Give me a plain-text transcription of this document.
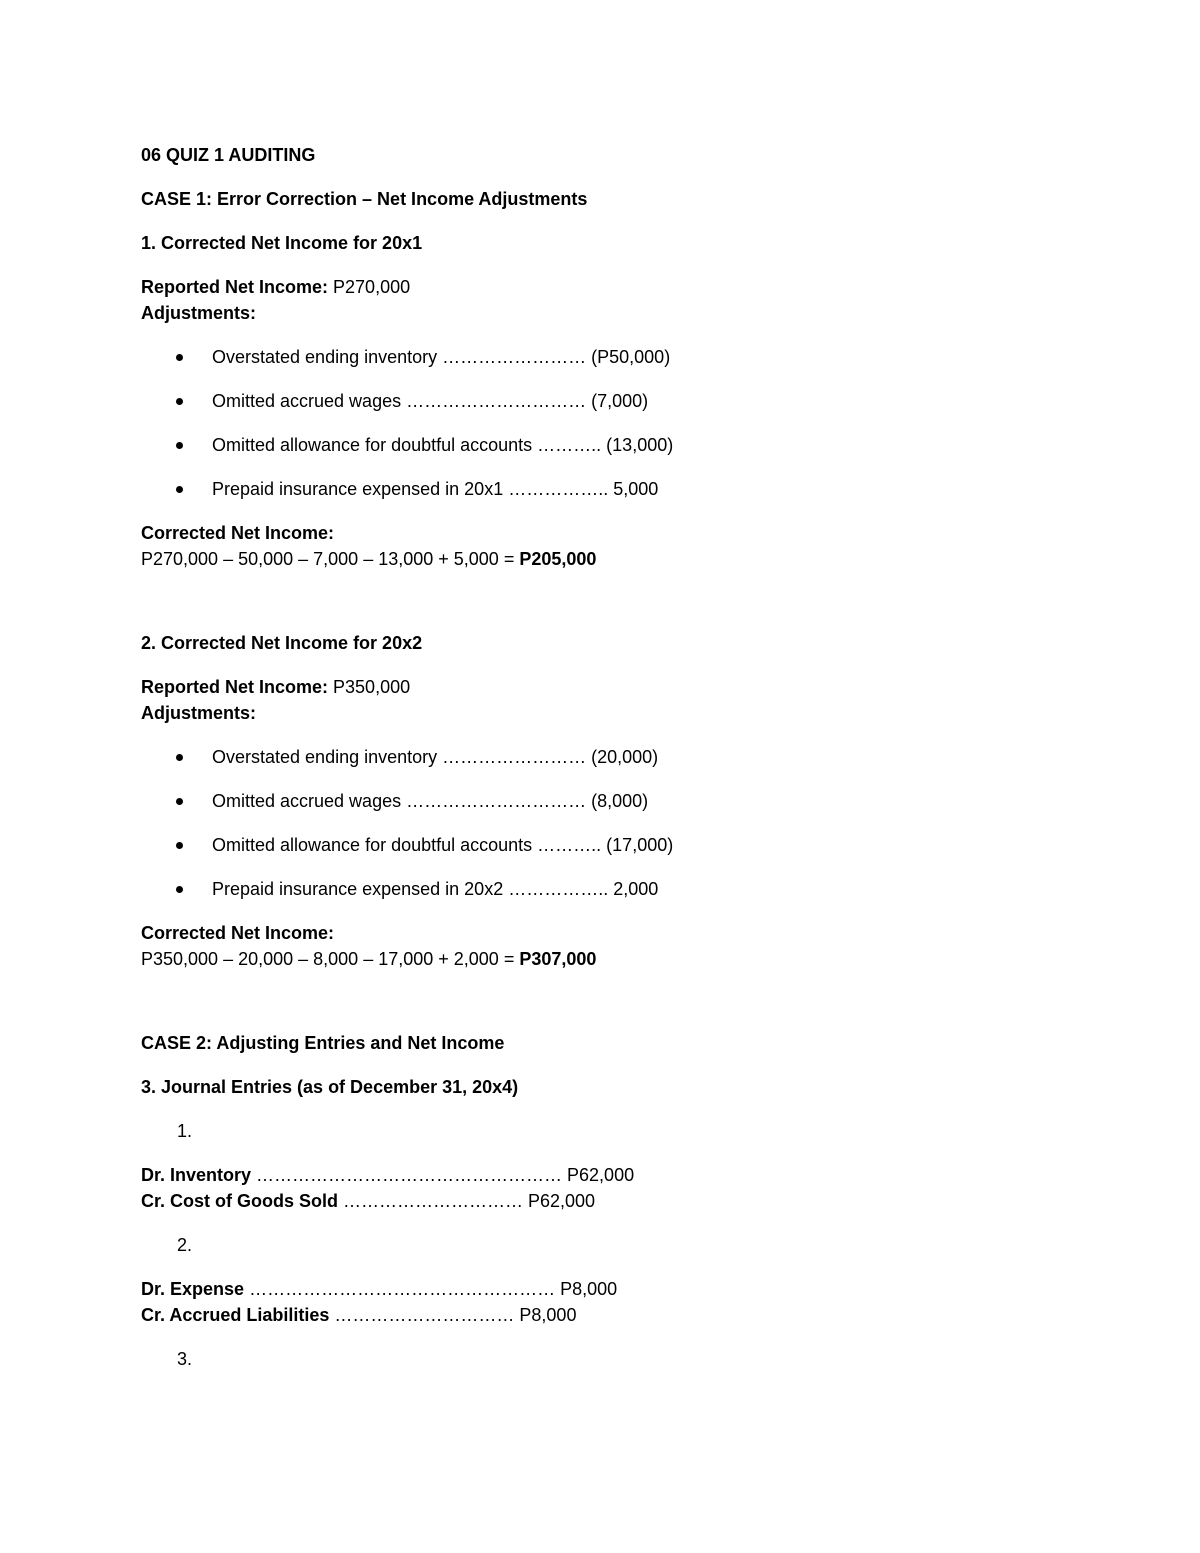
06 QUIZ 1 AUDITING

CASE 1: Error Correction – Net Income Adjustments

1. Corrected Net Income for 20x1

Reported Net Income: P270,000

Adjustments:

Overstated ending inventory …………………… (P50,000)
Omitted accrued wages ………………………… (7,000)
Omitted allowance for doubtful accounts ……….. (13,000)
Prepaid insurance expensed in 20x1 …………….. 5,000

Corrected Net Income:

P270,000 – 50,000 – 7,000 – 13,000 + 5,000 = P205,000

2. Corrected Net Income for 20x2

Reported Net Income: P350,000

Adjustments:

Overstated ending inventory …………………… (20,000)
Omitted accrued wages ………………………… (8,000)
Omitted allowance for doubtful accounts ……….. (17,000)
Prepaid insurance expensed in 20x2 …………….. 2,000

Corrected Net Income:

P350,000 – 20,000 – 8,000 – 17,000 + 2,000 = P307,000

CASE 2: Adjusting Entries and Net Income

3. Journal Entries (as of December 31, 20x4)

1.

Dr. Inventory …………………………………………… P62,000

Cr. Cost of Goods Sold ………………………… P62,000

2.

Dr. Expense …………………………………………… P8,000

Cr. Accrued Liabilities ………………………… P8,000

3.
